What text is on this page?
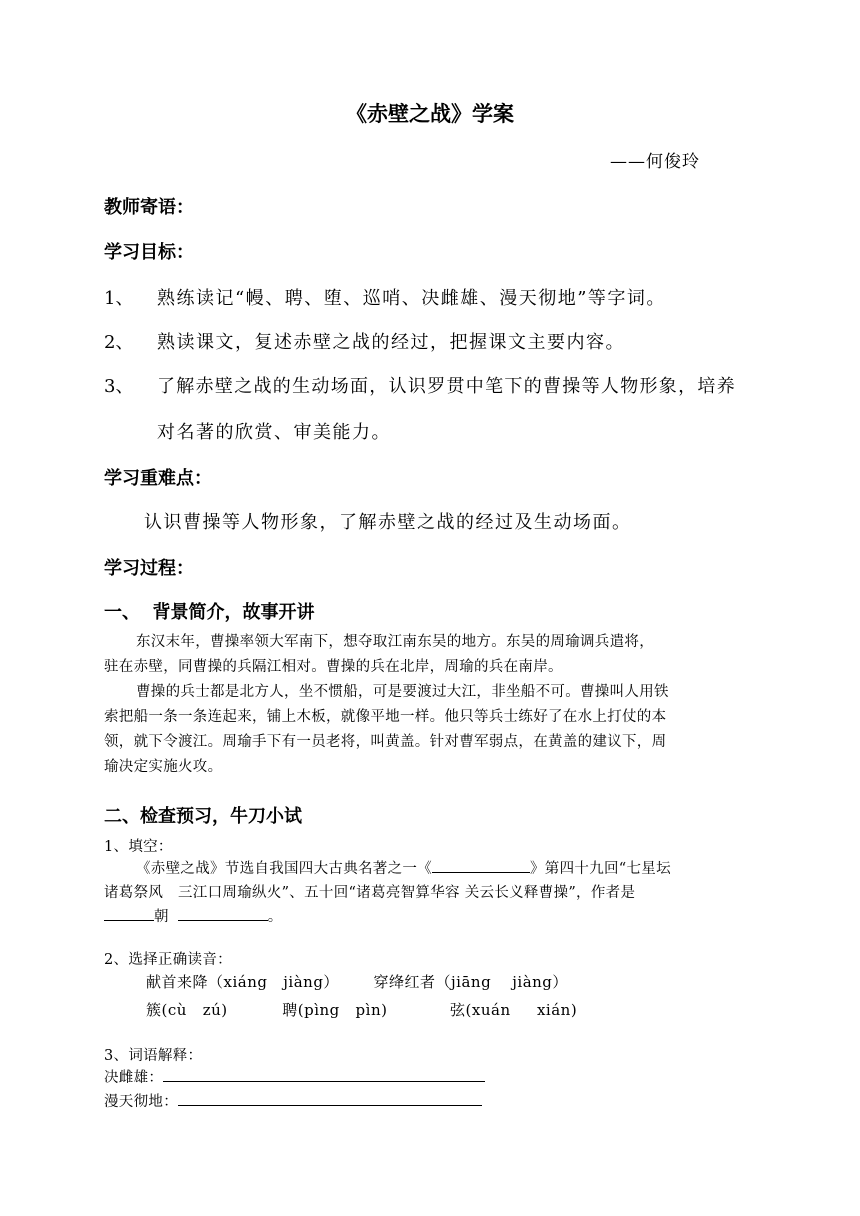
《赤壁之战》学案
——何俊玲
教师寄语：
学习目标：
1、 熟练读记“幔、聘、堕、巡哨、决雌雄、漫天彻地”等字词。
2、 熟读课文，复述赤壁之战的经过，把握课文主要内容。
3、 了解赤壁之战的生动场面，认识罗贯中笔下的曹操等人物形象，培养
对名著的欣赏、审美能力。
学习重难点：
认识曹操等人物形象，了解赤壁之战的经过及生动场面。
学习过程：
一、  背景简介，故事开讲
东汉末年，曹操率领大军南下，想夺取江南东吴的地方。东吴的周瑜调兵遣将，
驻在赤壁，同曹操的兵隔江相对。曹操的兵在北岸，周瑜的兵在南岸。
曹操的兵士都是北方人，坐不惯船，可是要渡过大江，非坐船不可。曹操叫人用铁
索把船一条一条连起来，铺上木板，就像平地一样。他只等兵士练好了在水上打仗的本
领，就下令渡江。周瑜手下有一员老将，叫黄盖。针对曹军弱点，在黄盖的建议下，周
瑜决定实施火攻。
二、检查预习，牛刀小试
1、填空：
《赤壁之战》节选自我国四大古典名著之一《	》第四十九回“七星坛
诸葛祭风　三江口周瑜纵火”、五十回“诸葛亮智算华容 关云长义释曹操”，作者是
朝	。
2、选择正确读音：
献首来降（xiáng   jiàng） 穿绛红者（jiāng    jiàng）
簇(cù   zú)	聘(pìng   pìn)	弦(xuán     xián)
3、词语解释：
决雌雄：
漫天彻地：
